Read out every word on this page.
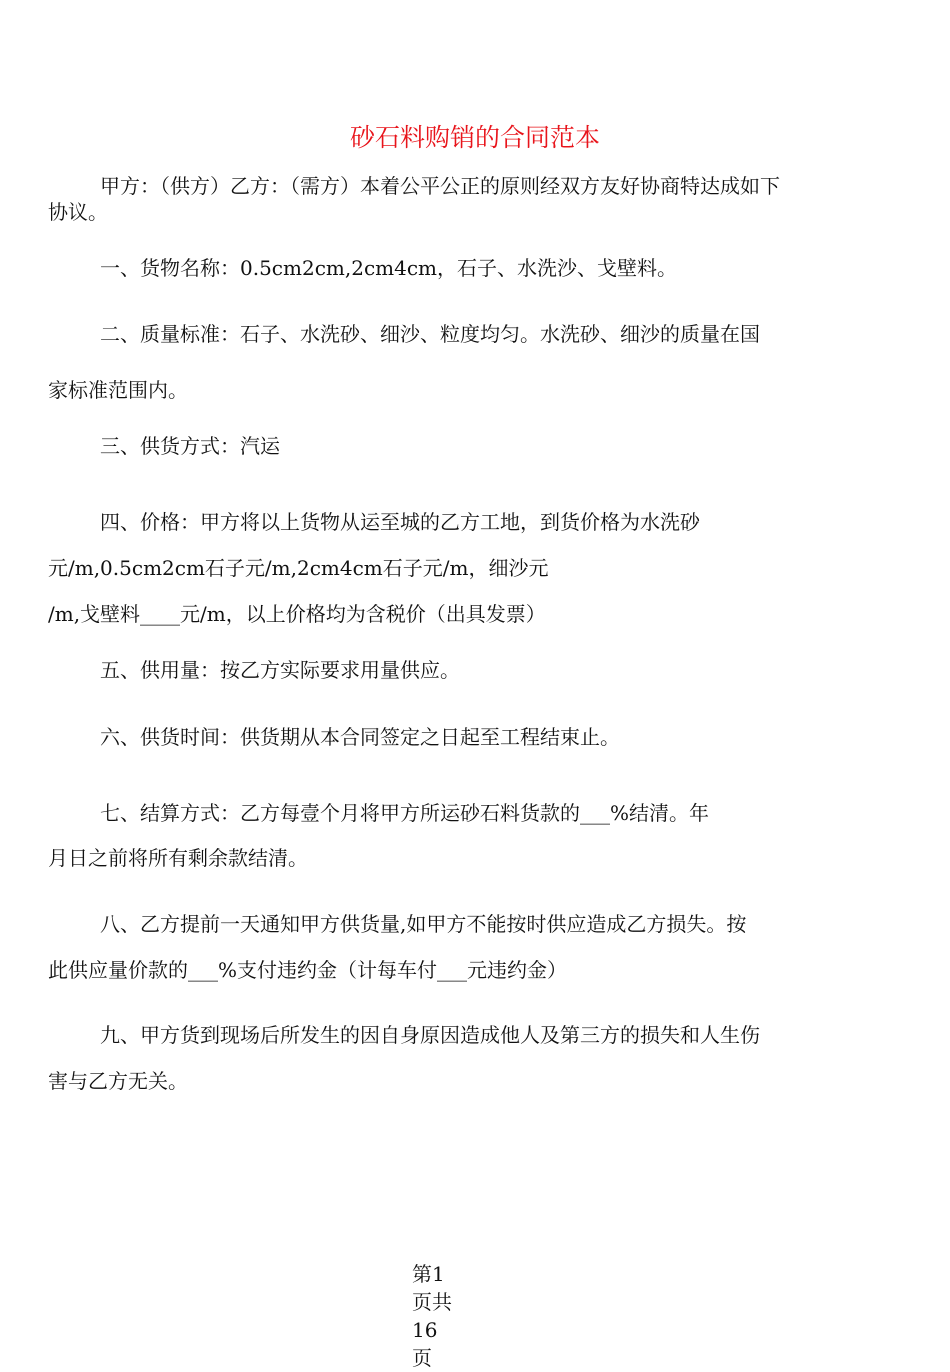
砂石料购销的合同范本
甲方：（供方）乙方：（需方）本着公平公正的原则经双方友好协商特达成如下
协议。
一、货物名称：0.5cm2cm,2cm4cm，石子、水洗沙、戈壁料。
二、质量标准：石子、水洗砂、细沙、粒度均匀。水洗砂、细沙的质量在国
家标准范围内。
三、供货方式：汽运
四、价格：甲方将以上货物从运至城的乙方工地，到货价格为水洗砂
元/m,0.5cm2cm石子元/m,2cm4cm石子元/m，细沙元
/m,戈壁料____元/m，以上价格均为含税价（出具发票）
五、供用量：按乙方实际要求用量供应。
六、供货时间：供货期从本合同签定之日起至工程结束止。
七、结算方式：乙方每壹个月将甲方所运砂石料货款的___%结清。年
月日之前将所有剩余款结清。
八、乙方提前一天通知甲方供货量,如甲方不能按时供应造成乙方损失。按
此供应量价款的___%支付违约金（计每车付___元违约金）
九、甲方货到现场后所发生的因自身原因造成他人及第三方的损失和人生伤
害与乙方无关。
第1
页共
16
页
